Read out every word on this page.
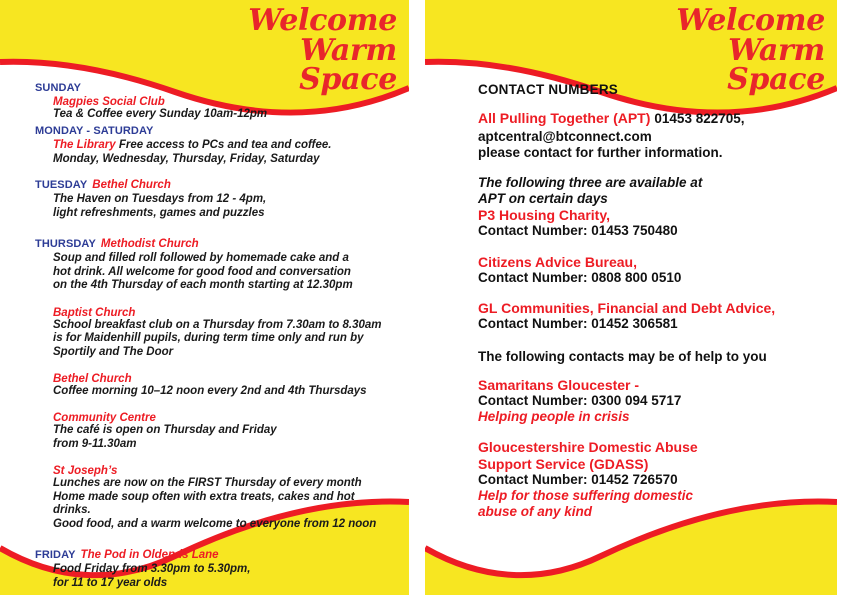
Welcome
Warm
Space
SUNDAY
Magpies Social Club
Tea & Coffee every Sunday 10am-12pm
MONDAY - SATURDAY
The Library Free access to PCs and tea and coffee.
Monday, Wednesday, Thursday, Friday, Saturday
TUESDAY Bethel Church
The Haven on Tuesdays from 12 - 4pm,
light refreshments, games and puzzles
THURSDAY Methodist Church
Soup and filled roll followed by homemade cake and a
hot drink. All welcome for good food and conversation
on the 4th Thursday of each month starting at 12.30pm
Baptist Church
School breakfast club on a Thursday from 7.30am to 8.30am
is for Maidenhill pupils, during term time only and run by
Sportily and The Door
Bethel Church
Coffee morning 10–12 noon every 2nd and 4th Thursdays
Community Centre
The café is open on Thursday and Friday
from 9-11.30am
St Joseph’s
Lunches are now on the FIRST Thursday of every month
Home made soup often with extra treats, cakes and hot drinks.
Good food, and a warm welcome to everyone from 12 noon
FRIDAY The Pod in Oldends Lane
Food Friday from 3.30pm to 5.30pm,
for 11 to 17 year olds
Welcome
Warm
Space
CONTACT NUMBERS
All Pulling Together (APT) 01453 822705,
aptcentral@btconnect.com
please contact for further information.
The following three are available at
APT on certain days
P3 Housing Charity,
Contact Number: 01453 750480
Citizens Advice Bureau,
Contact Number: 0808 800 0510
GL Communities, Financial and Debt Advice,
Contact Number: 01452 306581
The following contacts may be of help to you
Samaritans Gloucester -
Contact Number: 0300 094 5717
Helping people in crisis
Gloucestershire Domestic Abuse
Support Service (GDASS)
Contact Number: 01452 726570
Help for those suffering domestic
abuse of any kind
